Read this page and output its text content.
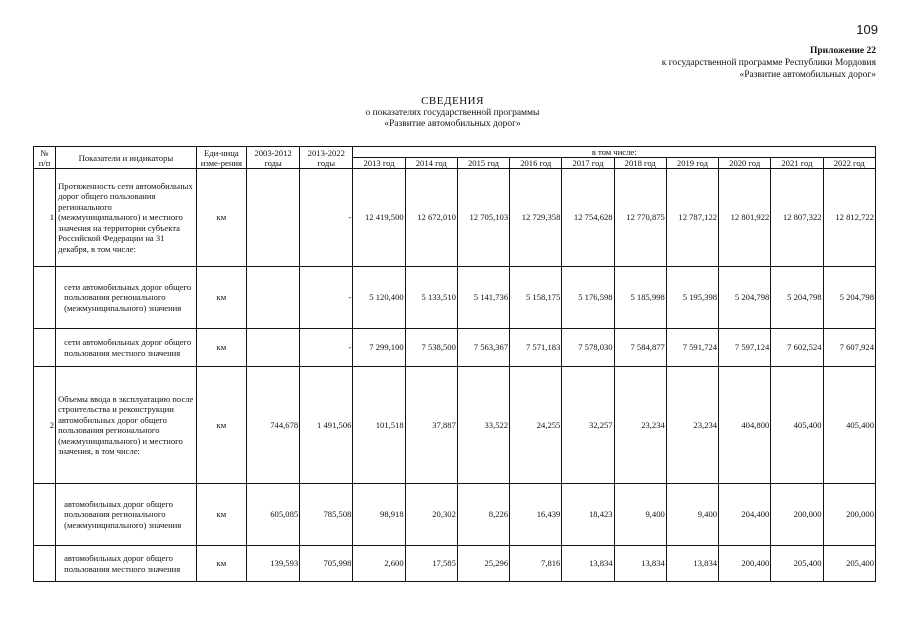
109
Приложение 22
к государственной программе Республики Мордовия
«Развитие автомобильных дорог»
СВЕДЕНИЯ
о показателях государственной программы
«Развитие автомобильных дорог»
№ п/п	Показатели и индикаторы	Еди-ница изме-рения	2003-2012 годы	2013-2022 годы	в том числе:									
					2013 год	2014 год	2015 год	2016 год	2017 год	2018 год	2019 год	2020 год	2021 год	2022 год
1	Протяженность сети автомобильных дорог общего пользования регионального (межмуниципального) и местного значения на территории субъекта Российской Федерации на 31 декабря, в том числе:	км		-	12 419,500	12 672,010	12 705,103	12 729,358	12 754,628	12 770,875	12 787,122	12 801,922	12 807,322	12 812,722
	сети автомобильных дорог общего пользования регионального (межмуниципального) значения	км		-	5 120,400	5 133,510	5 141,736	5 158,175	5 176,598	5 185,998	5 195,398	5 204,798	5 204,798	5 204,798
	сети автомобильных дорог общего пользования местного значения	км		-	7 299,100	7 538,500	7 563,367	7 571,183	7 578,030	7 584,877	7 591,724	7 597,124	7 602,524	7 607,924
2	Объемы ввода в эксплуатацию после строительства и реконструкции автомобильных дорог общего пользования регионального (межмуниципального) и местного значения, в том числе:	км	744,678	1 491,506	101,518	37,887	33,522	24,255	32,257	23,234	23,234	404,800	405,400	405,400
	автомобильных дорог общего пользования регионального (межмуниципального) значения	км	605,085	785,508	98,918	20,302	8,226	16,439	18,423	9,400	9,400	204,400	200,000	200,000
	автомобильных дорог общего пользования местного значения	км	139,593	705,998	2,600	17,585	25,296	7,816	13,834	13,834	13,834	200,400	205,400	205,400
